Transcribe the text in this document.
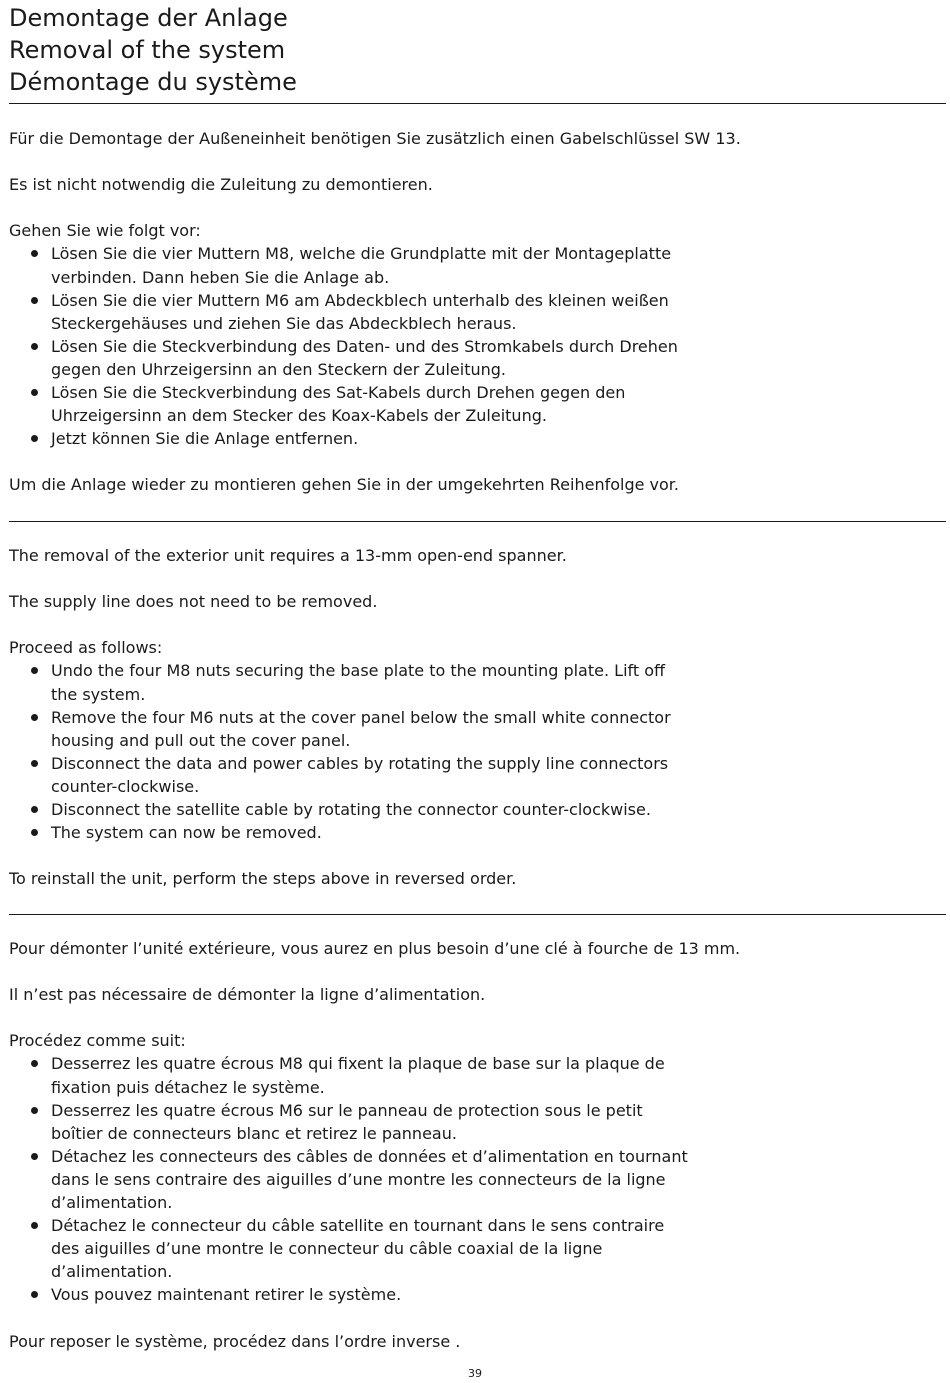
Demontage der Anlage
Removal of the system
Démontage du système

Für die Demontage der Außeneinheit benötigen Sie zusätzlich einen Gabelschlüssel SW 13.

Es ist nicht notwendig die Zuleitung zu demontieren.

Gehen Sie wie folgt vor:

Lösen Sie die vier Muttern M8, welche die Grundplatte mit der Montageplatte
verbinden. Dann heben Sie die Anlage ab.
Lösen Sie die vier Muttern M6 am Abdeckblech unterhalb des kleinen weißen
Steckergehäuses und ziehen Sie das Abdeckblech heraus.
Lösen Sie die Steckverbindung des Daten- und des Stromkabels durch Drehen
gegen den Uhrzeigersinn an den Steckern der Zuleitung.
Lösen Sie die Steckverbindung des Sat-Kabels durch Drehen gegen den
Uhrzeigersinn an dem Stecker des Koax-Kabels der Zuleitung.
Jetzt können Sie die Anlage entfernen.

Um die Anlage wieder zu montieren gehen Sie in der umgekehrten Reihenfolge vor.

The removal of the exterior unit requires a 13-mm open-end spanner.

The supply line does not need to be removed.

Proceed as follows:

Undo the four M8 nuts securing the base plate to the mounting plate. Lift off
the system.
Remove the four M6 nuts at the cover panel below the small white connector
housing and pull out the cover panel.
Disconnect the data and power cables by rotating the supply line connectors
counter-clockwise.
Disconnect the satellite cable by rotating the connector counter-clockwise.
The system can now be removed.

To reinstall the unit, perform the steps above in reversed order.

Pour démonter l’unité extérieure, vous aurez en plus besoin d’une clé à fourche de 13 mm.

Il n’est pas nécessaire de démonter la ligne d’alimentation.

Procédez comme suit:

Desserrez les quatre écrous M8 qui fixent la plaque de base sur la plaque de
fixation puis détachez le système.
Desserrez les quatre écrous M6 sur le panneau de protection sous le petit
boîtier de connecteurs blanc et retirez le panneau.
Détachez les connecteurs des câbles de données et d’alimentation en tournant
dans le sens contraire des aiguilles d’une montre les connecteurs de la ligne
d’alimentation.
Détachez le connecteur du câble satellite en tournant dans le sens contraire
des aiguilles d’une montre le connecteur du câble coaxial de la ligne
d’alimentation.
Vous pouvez maintenant retirer le système.

Pour reposer le système, procédez dans l’ordre inverse .

39
